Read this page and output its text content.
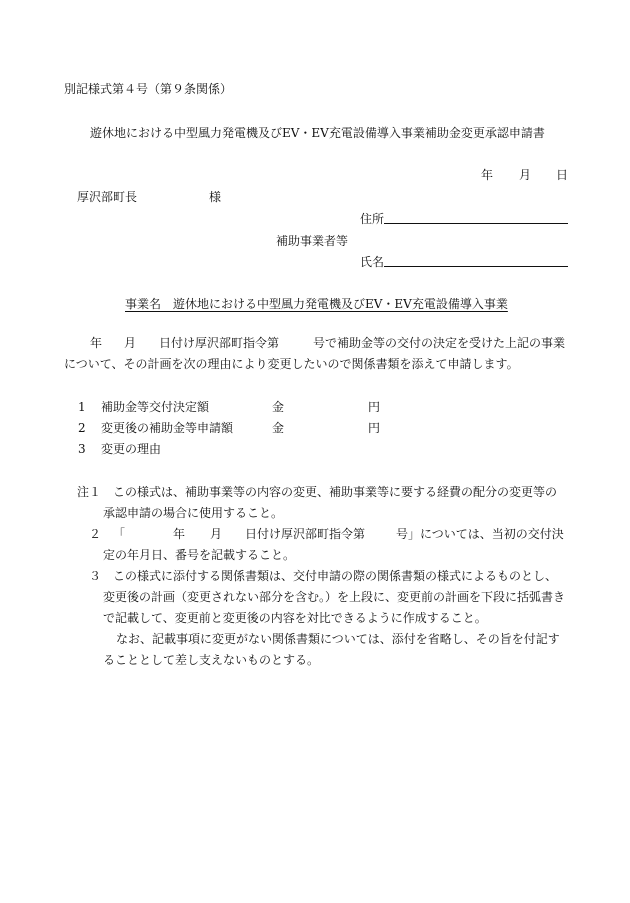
別記様式第４号（第９条関係）
遊休地における中型風力発電機及びEV・EV充電設備導入事業補助金変更承認申請書
年 月 日
厚沢部町長	様
住所
補助事業者等
氏名
事業名　遊休地における中型風力発電機及びEV・EV充電設備導入事業
年 月 日付け厚沢部町指令第	号で補助金等の交付の決定を受けた上記の事業
について、その計画を次の理由により変更したいので関係書類を添えて申請します。
1 補助金等交付決定額	金	円
2 変更後の補助金等申請額	金	円
3 変更の理由
注１ この様式は、補助事業等の内容の変更、補助事業等に要する経費の配分の変更等の
承認申請の場合に使用すること。
２ 「	年 月 日付け厚沢部町指令第	号」については、当初の交付決
定の年月日、番号を記載すること。
３ この様式に添付する関係書類は、交付申請の際の関係書類の様式によるものとし、
変更後の計画（変更されない部分を含む。）を上段に、変更前の計画を下段に括弧書き
で記載して、変更前と変更後の内容を対比できるように作成すること。
なお、記載事項に変更がない関係書類については、添付を省略し、その旨を付記す
ることとして差し支えないものとする。
